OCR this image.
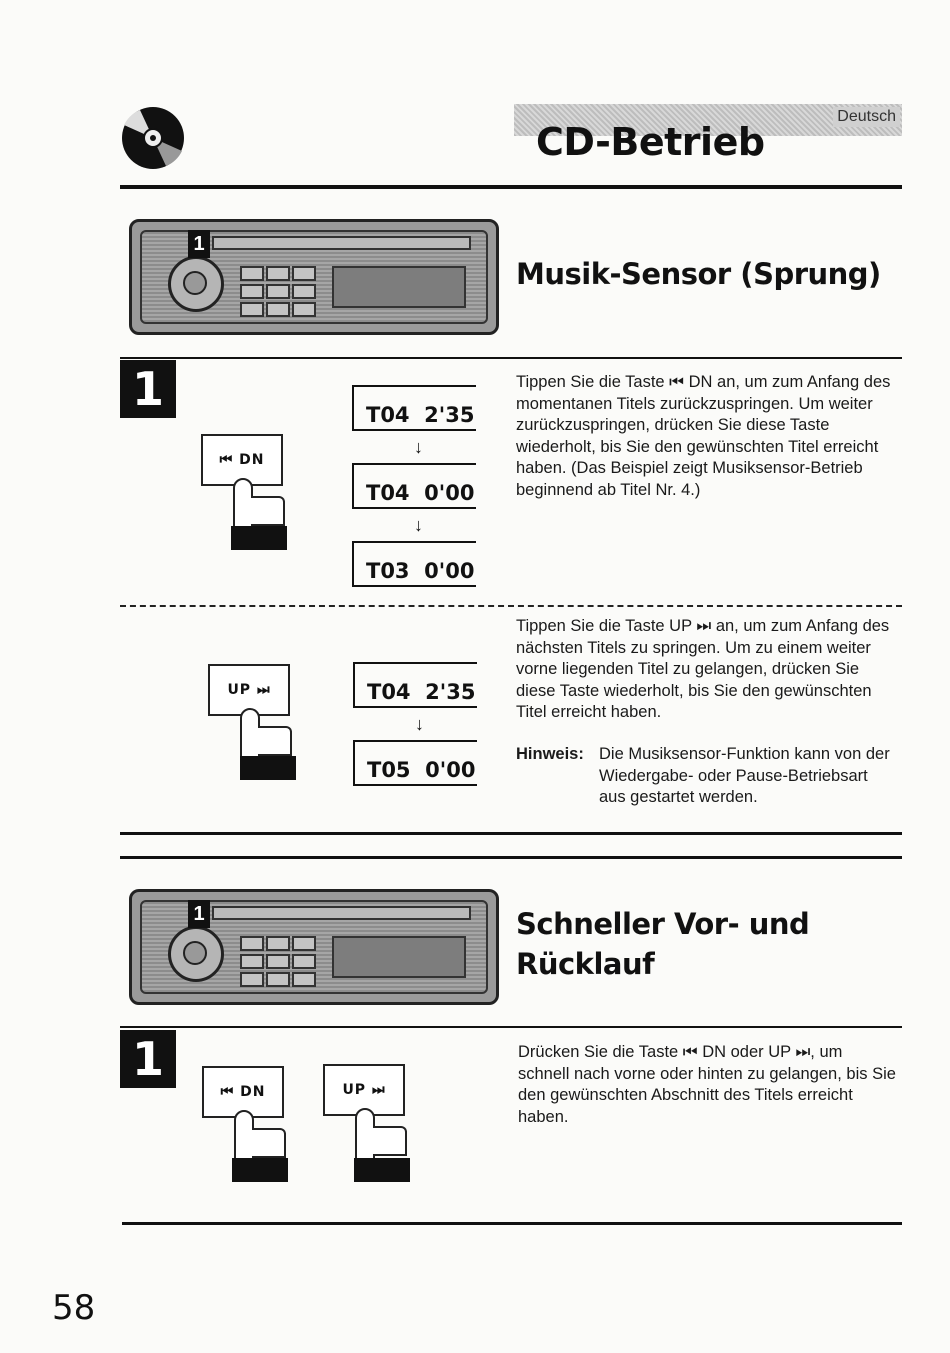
Deutsch
CD-Betrieb
1
Musik-Sensor (Sprung)
1
⏮ DN
T04  2'35
↓
T04  0'00
↓
T03  0'00
Tippen Sie die Taste ⏮ DN an, um zum Anfang des momentanen Titels zurückzuspringen. Um weiter zurückzuspringen, drücken Sie diese Taste wiederholt, bis Sie den gewünschten Titel erreicht haben. (Das Beispiel zeigt Musiksensor-Betrieb beginnend ab Titel Nr. 4.)
UP ⏭	T04  2'35
↓
T05  0'00
Tippen Sie die Taste UP ⏭ an, um zum Anfang des nächsten Titels zu springen. Um zu einem weiter vorne liegenden Titel zu gelangen, drücken Sie diese Taste wiederholt, bis Sie den gewünschten Titel erreicht haben.
Hinweis: Die Musiksensor-Funktion kann von der Wiedergabe- oder Pause-Betriebsart aus gestartet werden.
1	Schneller Vor- und
Rücklauf
1
⏮ DN	UP ⏭
Drücken Sie die Taste ⏮ DN oder UP ⏭, um schnell nach vorne oder hinten zu gelangen, bis Sie den gewünschten Abschnitt des Titels erreicht haben.
58
